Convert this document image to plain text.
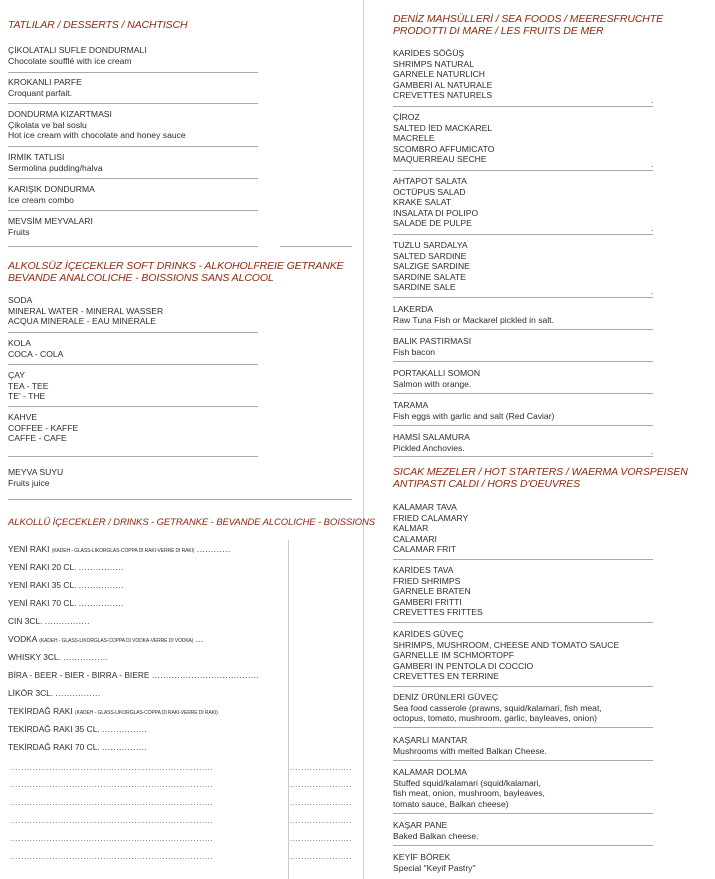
TATLILAR / DESSERTS / NACHTISCH
ÇİKOLATALI SUFLE DONDURMALI
Chocolate soufflé with ice cream
KROKANLI PARFE
Croquant parfait.
DONDURMA KIZARTMASI
Çikolata ve bal soslu
Hot ice cream with chocolate and honey sauce
İRMİK TATLISI
Sermolina pudding/halva
KARIŞIK DONDURMA
Ice cream combo
MEVSİM MEYVALARI
Fruits
ALKOLSÜZ İÇECEKLER SOFT DRINKS - ALKOHOLFREIE GETRANKE
BEVANDE ANALCOLICHE - BOISSIONS SANS ALCOOL
SODA
MINERAL WATER - MINERAL WASSER
ACQUA MINERALE - EAU MINERALE
KOLA
COCA - COLA
ÇAY
TEA - TEE
TE' - THE
KAHVE
COFFEE - KAFFE
CAFFE - CAFE
MEYVA SUYU
Fruits juice
ALKOLLÜ İÇECEKLER / DRINKS - GETRANKE - BEVANDE ALCOLICHE - BOISSIONS
YENİ RAKI (KADEH - GLASS-LIKORGLAS-COPPA DI RAKI-VERRE DI RAKI) ............
YENİ RAKI 20 CL. ................
YENİ RAKI 35 CL. ................
YENİ RAKI 70 CL. ................
CIN 3CL. ................
VODKA (KADEH - GLASS-LIKORGLAS-COPPA DI VODKA-VERRE DI VODKA) ...
WHISKY 3CL. ................
BİRA - BEER - BIER - BIRRA - BIERE ......................................
LİKÖR 3CL. ................
TEKİRDAĞ RAKI (KADEH - GLASS-LIKORGLAS-COPPA DI RAKI-VERRE DI RAKI)
TEKİRDAĞ RAKI 35 CL. ................
TEKİRDAĞ RAKI 70 CL. ................
........................................................................	......................
........................................................................	......................
........................................................................	......................
........................................................................	......................
........................................................................	......................
........................................................................	......................
DENİZ MAHSÜLLERİ / SEA FOODS / MEERESFRUCHTE
PRODOTTI DI MARE / LES FRUITS DE MER
KARİDES SÖĞÜŞ
SHRIMPS NATURAL
GARNELE NATURLICH
GAMBERI AL NATURALE
CREVETTES NATURELS	.
ÇİROZ
SALTED İED MACKAREL
MACRELE
SCOMBRO AFFUMICATO
MAQUERREAU SECHE	.
AHTAPOT SALATA
OCTÜPUS SALAD
KRAKE SALAT
INSALATA DI POLIPO
SALADE DE PULPE	.
TUZLU SARDALYA
SALTED SARDINE
SALZIGE SARDINE
SARDINE SALATE
SARDINE SALE	.
LAKERDA
Raw Tuna Fish or Mackarel pickled in salt.
BALIK PASTIRMASI
Fish bacon
PORTAKALLI SOMON
Salmon with orange.
TARAMA
Fish eggs with garlic and salt (Red Caviar)
HAMSİ SALAMURA
Pickled Anchovies.	.
SICAK MEZELER / HOT STARTERS / WAERMA VORSPEISEN
ANTIPASTI CALDI / HORS D'OEUVRES
KALAMAR TAVA
FRIED CALAMARY
KALMAR
CALAMARI
CALAMAR FRIT
KARİDES TAVA
FRIED SHRIMPS
GARNELE BRATEN
GAMBERI FRITTI
CREVETTES FRITTES
KARİDES GÜVEÇ
SHRIMPS, MUSHROOM, CHEESE AND TOMATO SAUCE
GARNELLE IM SCHMORTOPF
GAMBERI IN PENTOLA DI COCCIO
CREVETTES EN TERRINE
DENİZ ÜRÜNLERİ GÜVEÇ
Sea food casserole (prawns, squid/kalamari, fish meat,
octopus, tomato, mushroom, garlic, bayleaves, onion)
KAŞARLI MANTAR
Mushrooms with melted Balkan Cheese.
KALAMAR DOLMA
Stuffed squid/kalamari (squid/kalamari,
fish meat, onion, mushroom, bayleaves,
tomato sauce, Balkan cheese)
KAŞAR PANE
Baked Balkan cheese.
KEYİF BÖREK
Special "Keyif Pastry"
